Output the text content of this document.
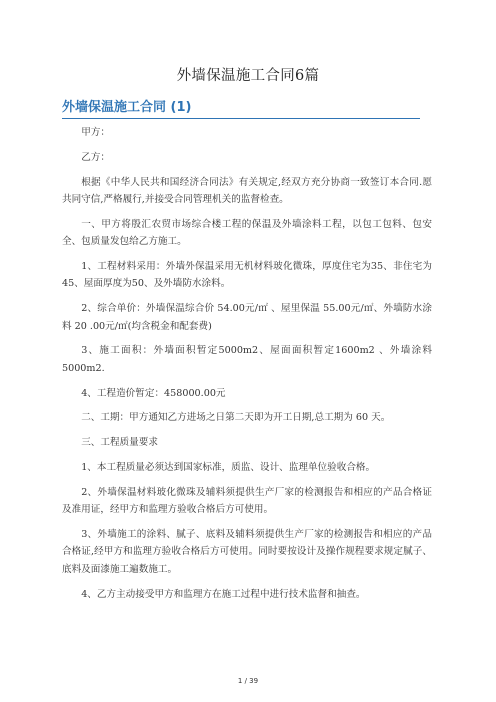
外墙保温施工合同6篇
外墙保温施工合同 (1)

甲方：

乙方：

根据《中华人民共和国经济合同法》有关规定,经双方充分协商一致签订本合同.愿共同守信,严格履行,并接受合同管理机关的监督检查。

一、甲方将殷汇农贸市场综合楼工程的保温及外墙涂料工程，以包工包料、包安全、包质量发包给乙方施工。

1、工程材料采用：外墙外保温采用无机材料玻化微珠，厚度住宅为35、非住宅为45、屋面厚度为50、及外墙防水涂料。

2、综合单价：外墙保温综合价 54.00元/㎡ 、屋里保温 55.00元/㎡、外墙防水涂料 20 .00元/㎡(均含税金和配套费)

3、施工面积：外墙面积暂定5000m2、屋面面积暂定1600m2 、外墙涂料5000m2.

4、工程造价暂定：458000.00元

二、工期：甲方通知乙方进场之日第二天即为开工日期,总工期为 60 天。

三、工程质量要求

1、本工程质量必须达到国家标准，质监、设计、监理单位验收合格。

2、外墙保温材料玻化微珠及辅料须提供生产厂家的检测报告和相应的产品合格证及准用证，经甲方和监理方验收合格后方可使用。

3、外墙施工的涂料、腻子、底料及辅料须提供生产厂家的检测报告和相应的产品合格证,经甲方和监理方验收合格后方可使用。同时要按设计及操作规程要求规定腻子、底料及面漆施工遍数施工。

4、乙方主动接受甲方和监理方在施工过程中进行技术监督和抽查。

1 / 39
